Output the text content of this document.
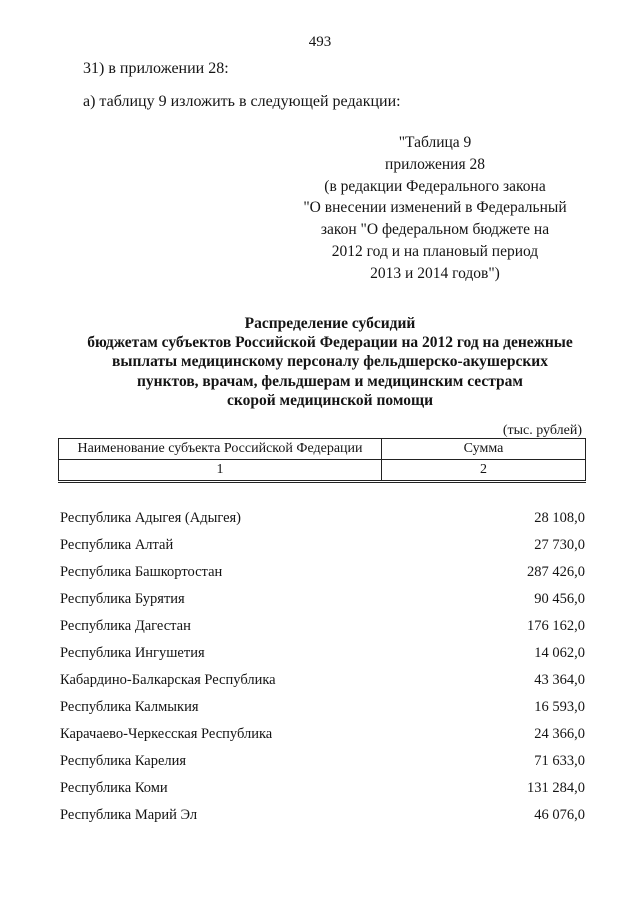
493
31) в приложении 28:
а) таблицу 9 изложить в следующей редакции:
"Таблица 9
приложения 28
(в редакции Федерального закона
"О внесении изменений в Федеральный
закон "О федеральном бюджете на
2012 год и на плановый период
2013 и 2014 годов")
Распределение субсидий
бюджетам субъектов Российской Федерации на 2012 год на денежные
выплаты медицинскому персоналу фельдшерско-акушерских
пунктов, врачам, фельдшерам и медицинским сестрам
скорой медицинской помощи
(тыс. рублей)
Наименование субъекта Российской Федерации	Сумма
1	2
Республика Адыгея (Адыгея)	28 108,0
Республика Алтай	27 730,0
Республика Башкортостан	287 426,0
Республика Бурятия	90 456,0
Республика Дагестан	176 162,0
Республика Ингушетия	14 062,0
Кабардино-Балкарская Республика	43 364,0
Республика Калмыкия	16 593,0
Карачаево-Черкесская Республика	24 366,0
Республика Карелия	71 633,0
Республика Коми	131 284,0
Республика Марий Эл	46 076,0
